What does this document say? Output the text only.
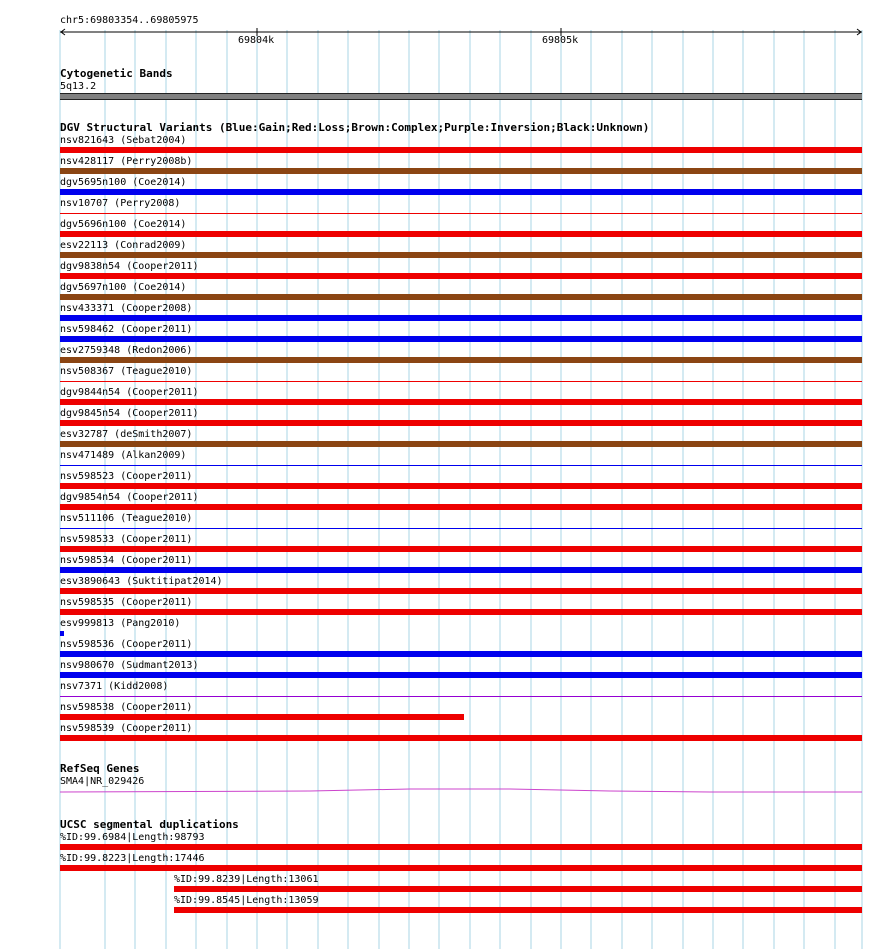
chr5:69803354..69805975
69804k	69805k
Cytogenetic Bands
5q13.2
DGV Structural Variants (Blue:Gain;Red:Loss;Brown:Complex;Purple:Inversion;Black:Unknown)
nsv821643 (Sebat2004)
nsv428117 (Perry2008b)
dgv5695n100 (Coe2014)
nsv10707 (Perry2008)
dgv5696n100 (Coe2014)
esv22113 (Conrad2009)
dgv9838n54 (Cooper2011)
dgv5697n100 (Coe2014)
nsv433371 (Cooper2008)
nsv598462 (Cooper2011)
esv2759348 (Redon2006)
nsv508367 (Teague2010)
dgv9844n54 (Cooper2011)
dgv9845n54 (Cooper2011)
esv32787 (deSmith2007)
nsv471489 (Alkan2009)
nsv598523 (Cooper2011)
dgv9854n54 (Cooper2011)
nsv511106 (Teague2010)
nsv598533 (Cooper2011)
nsv598534 (Cooper2011)
esv3890643 (Suktitipat2014)
nsv598535 (Cooper2011)
esv999813 (Pang2010)
nsv598536 (Cooper2011)
nsv980670 (Sudmant2013)
nsv7371 (Kidd2008)
nsv598538 (Cooper2011)
nsv598539 (Cooper2011)
RefSeq Genes
SMA4|NR_029426
UCSC segmental duplications
%ID:99.6984|Length:98793
%ID:99.8223|Length:17446
%ID:99.8239|Length:13061
%ID:99.8545|Length:13059
